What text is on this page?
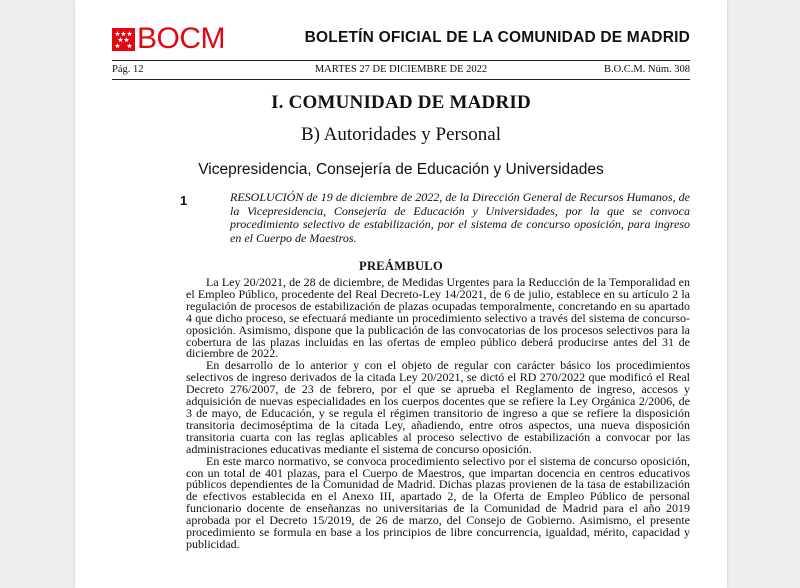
BOCM	BOLETÍN OFICIAL DE LA COMUNIDAD DE MADRID
Pág. 12	MARTES 27 DE DICIEMBRE DE 2022	B.O.C.M. Núm. 308
I. COMUNIDAD DE MADRID
B) Autoridades y Personal
Vicepresidencia, Consejería de Educación y Universidades
1	RESOLUCIÓN de 19 de diciembre de 2022, de la Dirección General de Recursos Humanos, de la Vicepresidencia, Consejería de Educación y Universidades, por la que se convoca procedimiento selectivo de estabilización, por el sistema de concurso oposición, para ingreso en el Cuerpo de Maestros.
PREÁMBULO

La Ley 20/2021, de 28 de diciembre, de Medidas Urgentes para la Reducción de la Temporalidad en el Empleo Público, procedente del Real Decreto-Ley 14/2021, de 6 de julio, establece en su artículo 2 la regulación de procesos de estabilización de plazas ocupadas temporalmente, concretando en su apartado 4 que dicho proceso, se efectuará mediante un procedimiento selectivo a través del sistema de concurso-oposición. Asimismo, dispone que la publicación de las convocatorias de los procesos selectivos para la cobertura de las plazas incluidas en las ofertas de empleo público deberá producirse antes del 31 de diciembre de 2022.

En desarrollo de lo anterior y con el objeto de regular con carácter básico los procedimientos selectivos de ingreso derivados de la citada Ley 20/2021, se dictó el RD 270/2022 que modificó el Real Decreto 276/2007, de 23 de febrero, por el que se aprueba el Reglamento de ingreso, accesos y adquisición de nuevas especialidades en los cuerpos docentes que se refiere la Ley Orgánica 2/2006, de 3 de mayo, de Educación, y se regula el régimen transitorio de ingreso a que se refiere la disposición transitoria decimoséptima de la citada Ley, añadiendo, entre otros aspectos, una nueva disposición transitoria cuarta con las reglas aplicables al proceso selectivo de estabilización a convocar por las administraciones educativas mediante el sistema de concurso oposición.

En este marco normativo, se convoca procedimiento selectivo por el sistema de concurso oposición, con un total de 401 plazas, para el Cuerpo de Maestros, que impartan docencia en centros educativos públicos dependientes de la Comunidad de Madrid. Dichas plazas provienen de la tasa de estabilización de efectivos establecida en el Anexo III, apartado 2, de la Oferta de Empleo Público de personal funcionario docente de enseñanzas no universitarias de la Comunidad de Madrid para el año 2019 aprobada por el Decreto 15/2019, de 26 de marzo, del Consejo de Gobierno. Asimismo, el presente procedimiento se formula en base a los principios de libre concurrencia, igualdad, mérito, capacidad y publicidad.
